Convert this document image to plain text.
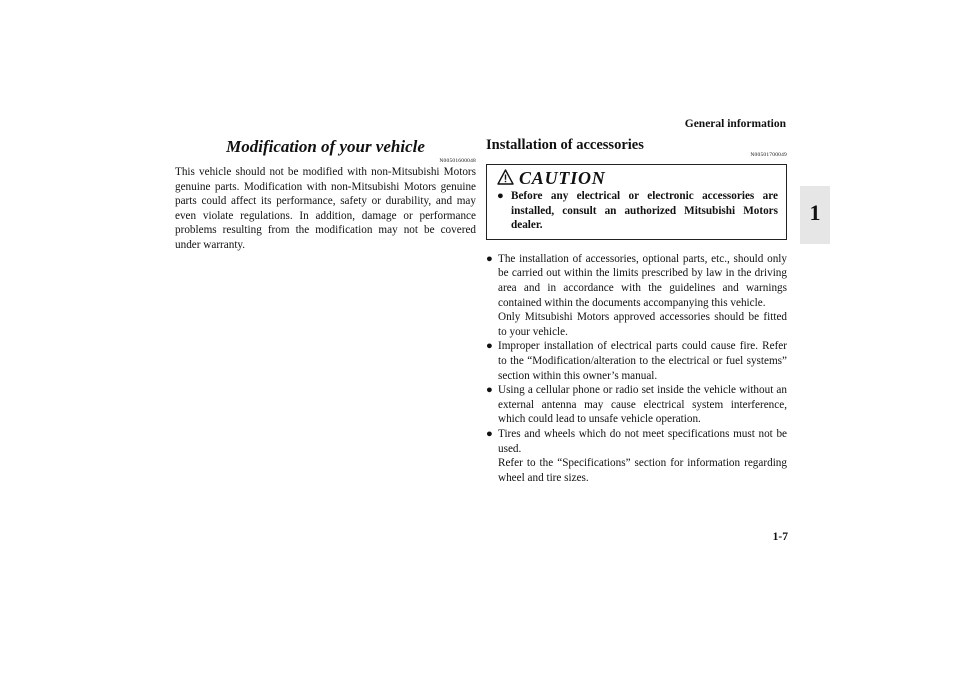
General information
1
Modification of your vehicle
N00501600048
This vehicle should not be modified with non-Mitsubishi Motors genuine parts. Modification with non-Mitsubishi Motors genuine parts could affect its performance, safety or durability, and may even violate regulations. In addition, damage or performance problems resulting from the modification may not be covered under warranty.
Installation of accessories
N00501700049
CAUTION
● Before any electrical or electronic accessories are installed, consult an authorized Mitsubishi Motors dealer.
● The installation of accessories, optional parts, etc., should only be carried out within the limits prescribed by law in the driving area and in accordance with the guidelines and warnings contained within the documents accompanying this vehicle.

Only Mitsubishi Motors approved accessories should be fitted to your vehicle.

● Improper installation of electrical parts could cause fire. Refer to the “Modification/alteration to the electrical or fuel systems” section within this owner’s manual.

● Using a cellular phone or radio set inside the vehicle without an external antenna may cause electrical system interference, which could lead to unsafe vehicle operation.

● Tires and wheels which do not meet specifications must not be used.

Refer to the “Specifications” section for information regarding wheel and tire sizes.

1-7
